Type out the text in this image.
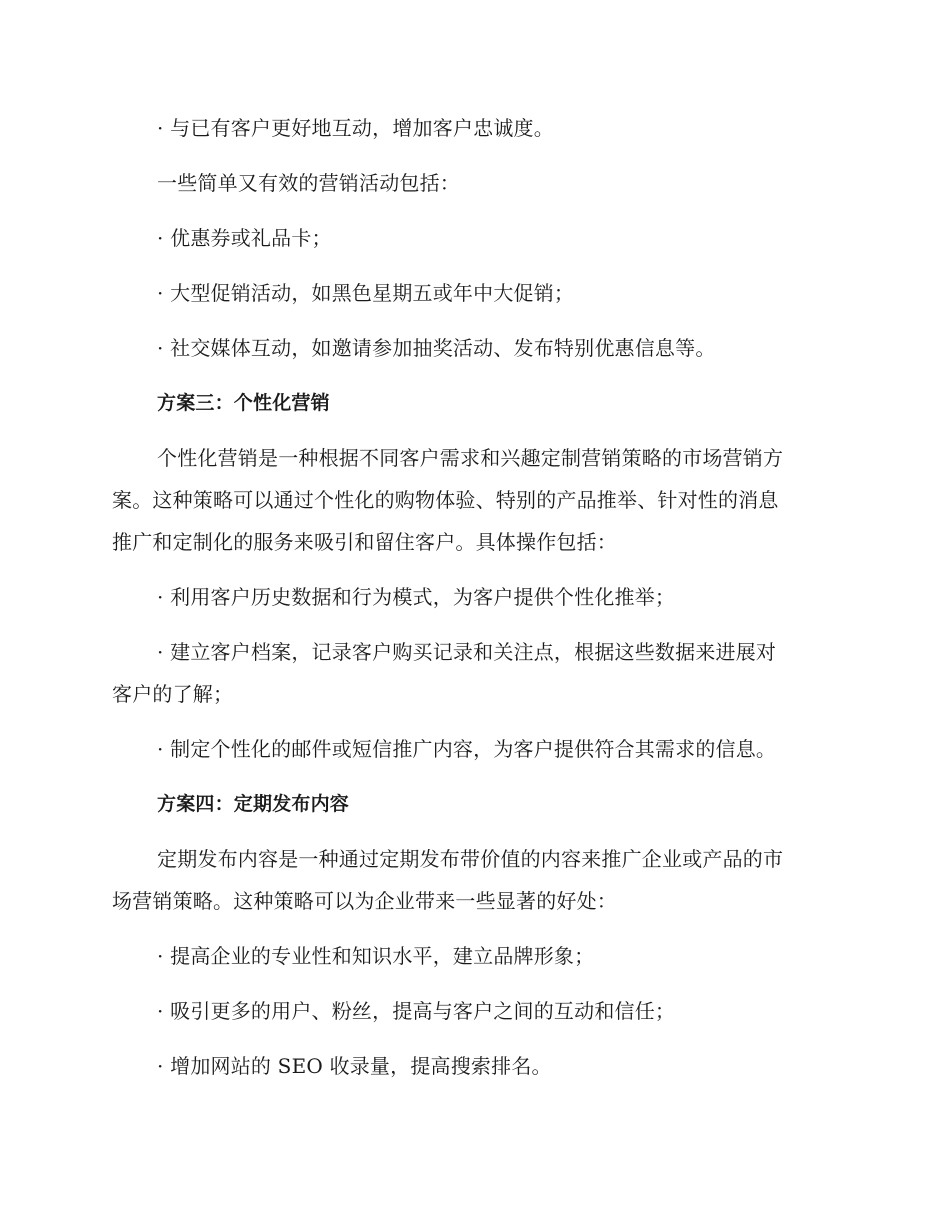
· 与已有客户更好地互动，增加客户忠诚度。
一些简单又有效的营销活动包括：
· 优惠券或礼品卡；
· 大型促销活动，如黑色星期五或年中大促销；
· 社交媒体互动，如邀请参加抽奖活动、发布特别优惠信息等。
方案三：个性化营销
个性化营销是一种根据不同客户需求和兴趣定制营销策略的市场营销方
案。这种策略可以通过个性化的购物体验、特别的产品推举、针对性的消息
推广和定制化的服务来吸引和留住客户。具体操作包括：
· 利用客户历史数据和行为模式，为客户提供个性化推举；
· 建立客户档案，记录客户购买记录和关注点，根据这些数据来进展对
客户的了解；
· 制定个性化的邮件或短信推广内容，为客户提供符合其需求的信息。
方案四：定期发布内容
定期发布内容是一种通过定期发布带价值的内容来推广企业或产品的市
场营销策略。这种策略可以为企业带来一些显著的好处：
· 提高企业的专业性和知识水平，建立品牌形象；
· 吸引更多的用户、粉丝，提高与客户之间的互动和信任；
· 增加网站的 SEO 收录量，提高搜索排名。
